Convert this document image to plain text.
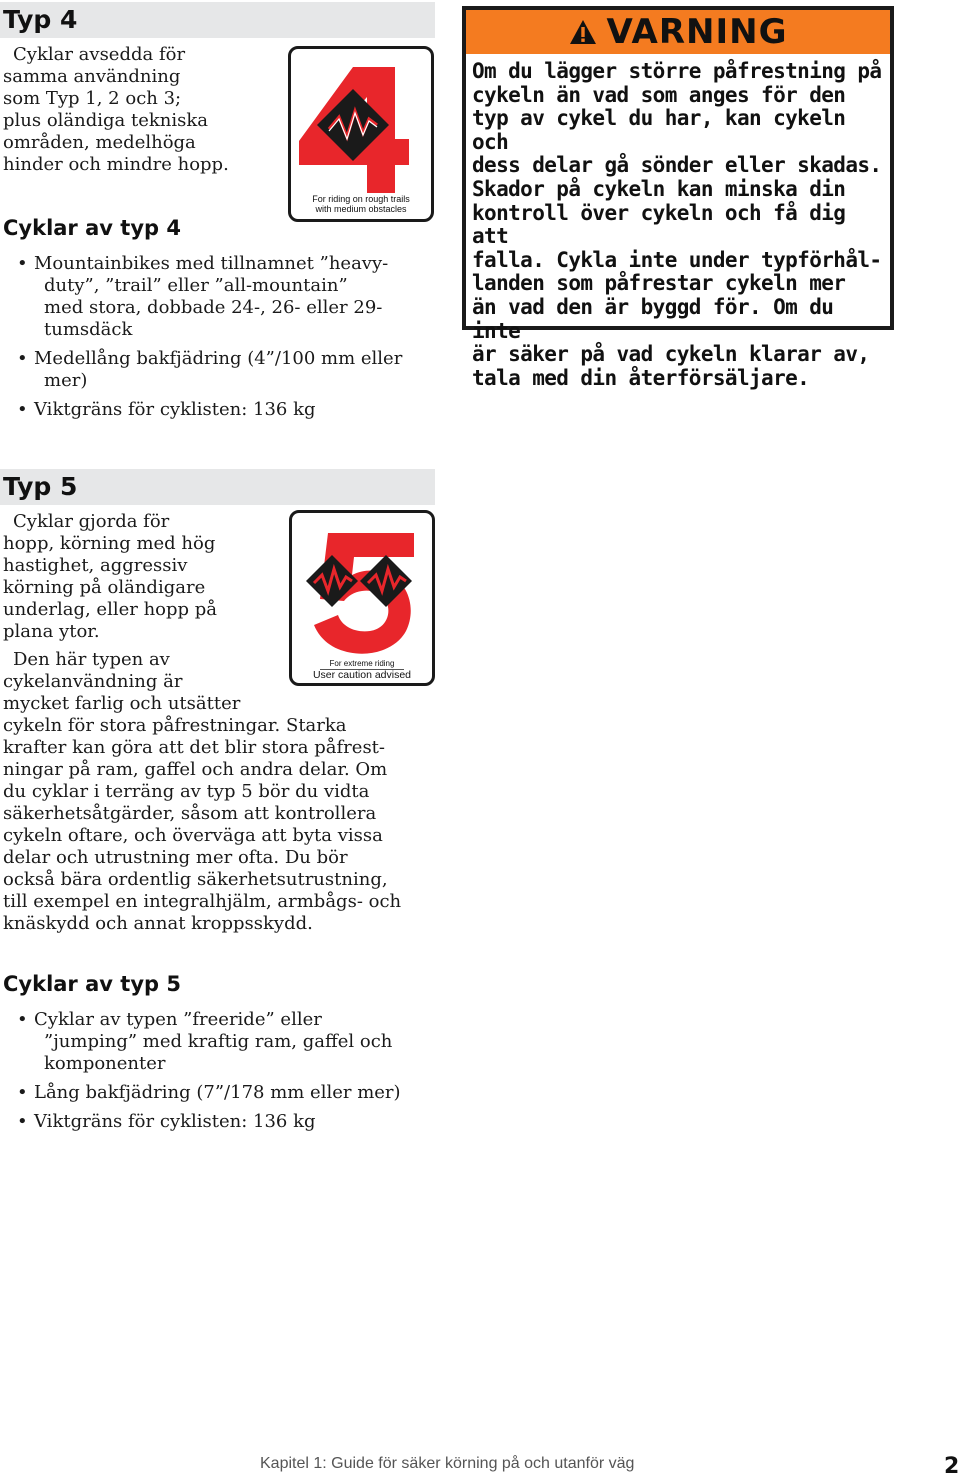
Typ 4
Cyklar avsedda för
samma användning
som Typ 1, 2 och 3;
plus oländiga tekniska
områden, medelhöga
hinder och mindre hopp.
For riding on rough trails
with medium obstacles
Cyklar av typ 4
• Mountainbikes med tillnamnet ”heavy-
duty”, ”trail” eller ”all-mountain”
med stora, dobbade 24-, 26- eller 29-
tumsdäck
• Medellång bakfjädring (4”/100 mm eller
mer)
• Viktgräns för cyklisten: 136 kg
VARNING
Om du lägger större påfrestning på
cykeln än vad som anges för den
typ av cykel du har, kan cykeln och
dess delar gå sönder eller skadas.
Skador på cykeln kan minska din
kontroll över cykeln och få dig att
falla. Cykla inte under typförhål-
landen som påfrestar cykeln mer
än vad den är byggd för. Om du inte
är säker på vad cykeln klarar av,
tala med din återförsäljare.
Typ 5
Cyklar gjorda för
hopp, körning med hög
hastighet, aggressiv
körning på oländigare
underlag, eller hopp på
plana ytor.
Den här typen av
cykelanvändning är
mycket farlig och utsätter
cykeln för stora påfrestningar. Starka
krafter kan göra att det blir stora påfrest-
ningar på ram, gaffel och andra delar. Om
du cyklar i terräng av typ 5 bör du vidta
säkerhetsåtgärder, såsom att kontrollera
cykeln oftare, och överväga att byta vissa
delar och utrustning mer ofta. Du bör
också bära ordentlig säkerhetsutrustning,
till exempel en integralhjälm, armbågs- och
knäskydd och annat kroppsskydd.
For extreme riding
User caution advised
Cyklar av typ 5
• Cyklar av typen ”freeride” eller
”jumping” med kraftig ram, gaffel och
komponenter
• Lång bakfjädring (7”/178 mm eller mer)
• Viktgräns för cyklisten: 136 kg
Kapitel 1: Guide för säker körning på och utanför väg	2
